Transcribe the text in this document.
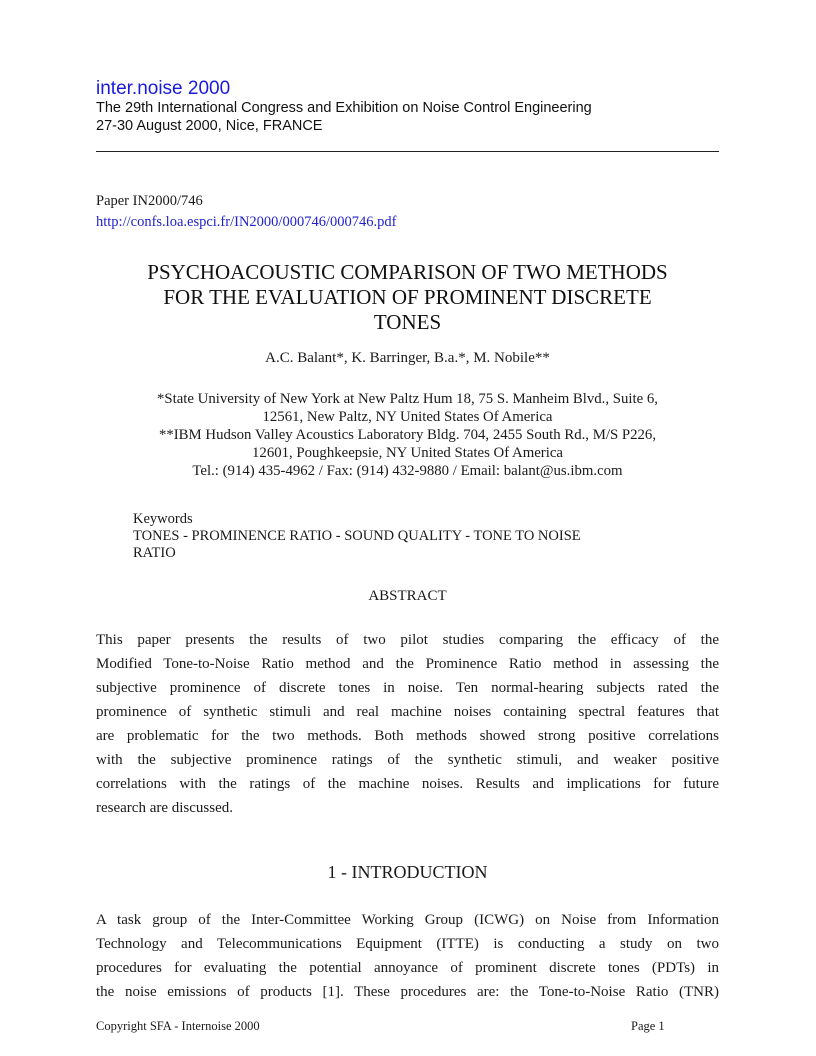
inter.noise 2000
The 29th International Congress and Exhibition on Noise Control Engineering
27-30 August 2000, Nice, FRANCE
Paper IN2000/746
http://confs.loa.espci.fr/IN2000/000746/000746.pdf
PSYCHOACOUSTIC COMPARISON OF TWO METHODS
FOR THE EVALUATION OF PROMINENT DISCRETE
TONES
A.C. Balant*, K. Barringer, B.a.*, M. Nobile**
*State University of New York at New Paltz Hum 18, 75 S. Manheim Blvd., Suite 6,
12561, New Paltz, NY United States Of America
**IBM Hudson Valley Acoustics Laboratory Bldg. 704, 2455 South Rd., M/S P226,
12601, Poughkeepsie, NY United States Of America
Tel.: (914) 435-4962 / Fax: (914) 432-9880 / Email: balant@us.ibm.com
Keywords
TONES - PROMINENCE RATIO - SOUND QUALITY - TONE TO NOISE
RATIO
ABSTRACT
This paper presents the results of two pilot studies comparing the efficacy of the
Modified Tone-to-Noise Ratio method and the Prominence Ratio method in assessing the
subjective prominence of discrete tones in noise. Ten normal-hearing subjects rated the
prominence of synthetic stimuli and real machine noises containing spectral features that
are problematic for the two methods. Both methods showed strong positive correlations
with the subjective prominence ratings of the synthetic stimuli, and weaker positive
correlations with the ratings of the machine noises. Results and implications for future
research are discussed.
1 - INTRODUCTION
A task group of the Inter-Committee Working Group (ICWG) on Noise from Information
Technology and Telecommunications Equipment (ITTE) is conducting a study on two
procedures for evaluating the potential annoyance of prominent discrete tones (PDTs) in
the noise emissions of products [1]. These procedures are: the Tone-to-Noise Ratio (TNR)
Copyright SFA - Internoise 2000	Page 1
